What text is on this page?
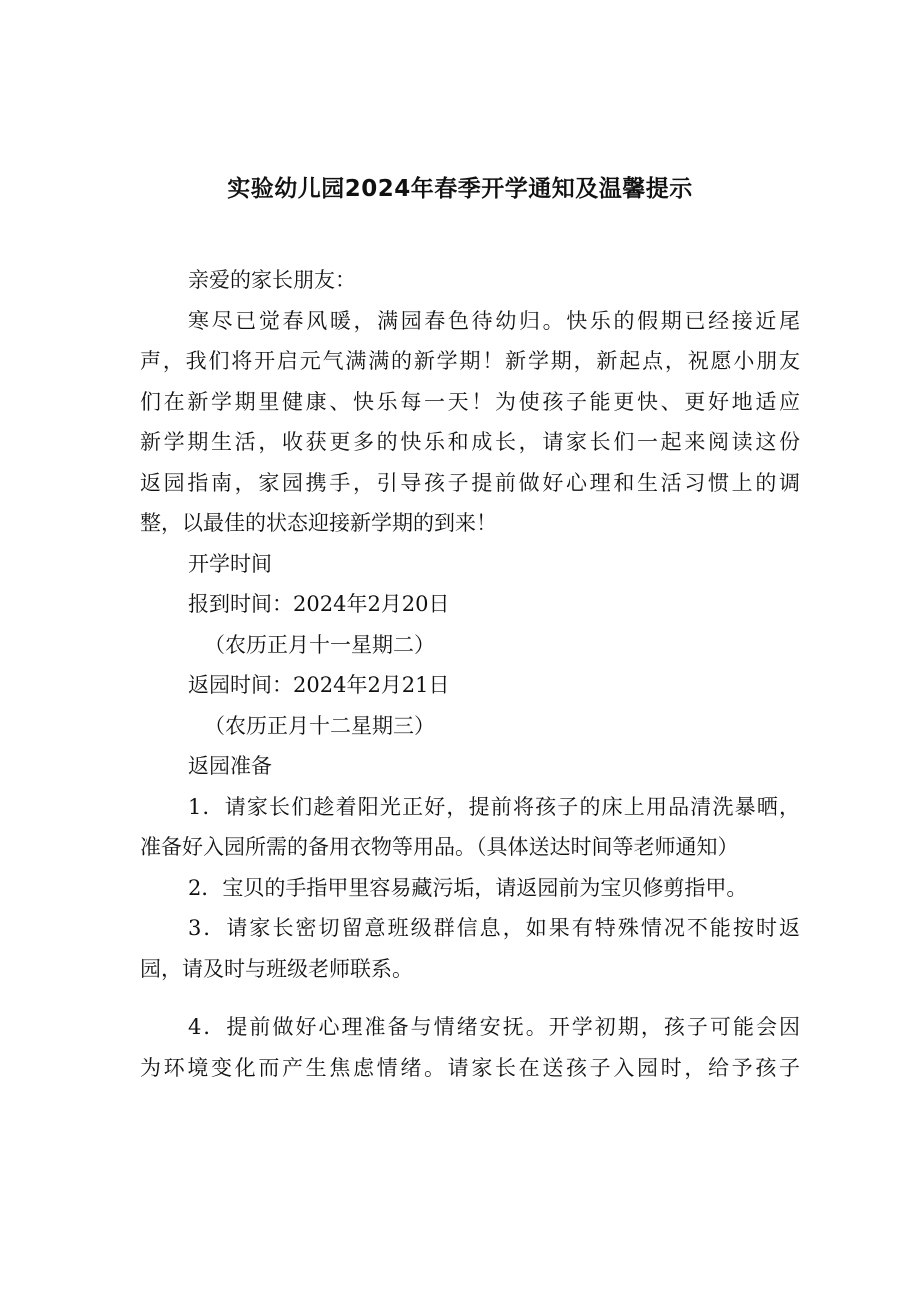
实验幼儿园2024年春季开学通知及温馨提示

亲爱的家长朋友：

寒尽已觉春风暖，满园春色待幼归。快乐的假期已经接近尾

声，我们将开启元气满满的新学期！新学期，新起点，祝愿小朋友

们在新学期里健康、快乐每一天！为使孩子能更快、更好地适应

新学期生活，收获更多的快乐和成长，请家长们一起来阅读这份

返园指南，家园携手，引导孩子提前做好心理和生活习惯上的调

整，以最佳的状态迎接新学期的到来！

开学时间

报到时间：2024年2月20日

（农历正月十一星期二）

返园时间：2024年2月21日

（农历正月十二星期三）

返园准备

1．请家长们趁着阳光正好，提前将孩子的床上用品清洗暴晒，

准备好入园所需的备用衣物等用品。（具体送达时间等老师通知）

2．宝贝的手指甲里容易藏污垢，请返园前为宝贝修剪指甲。

3．请家长密切留意班级群信息，如果有特殊情况不能按时返

园，请及时与班级老师联系。

4．提前做好心理准备与情绪安抚。开学初期，孩子可能会因

为环境变化而产生焦虑情绪。请家长在送孩子入园时，给予孩子
